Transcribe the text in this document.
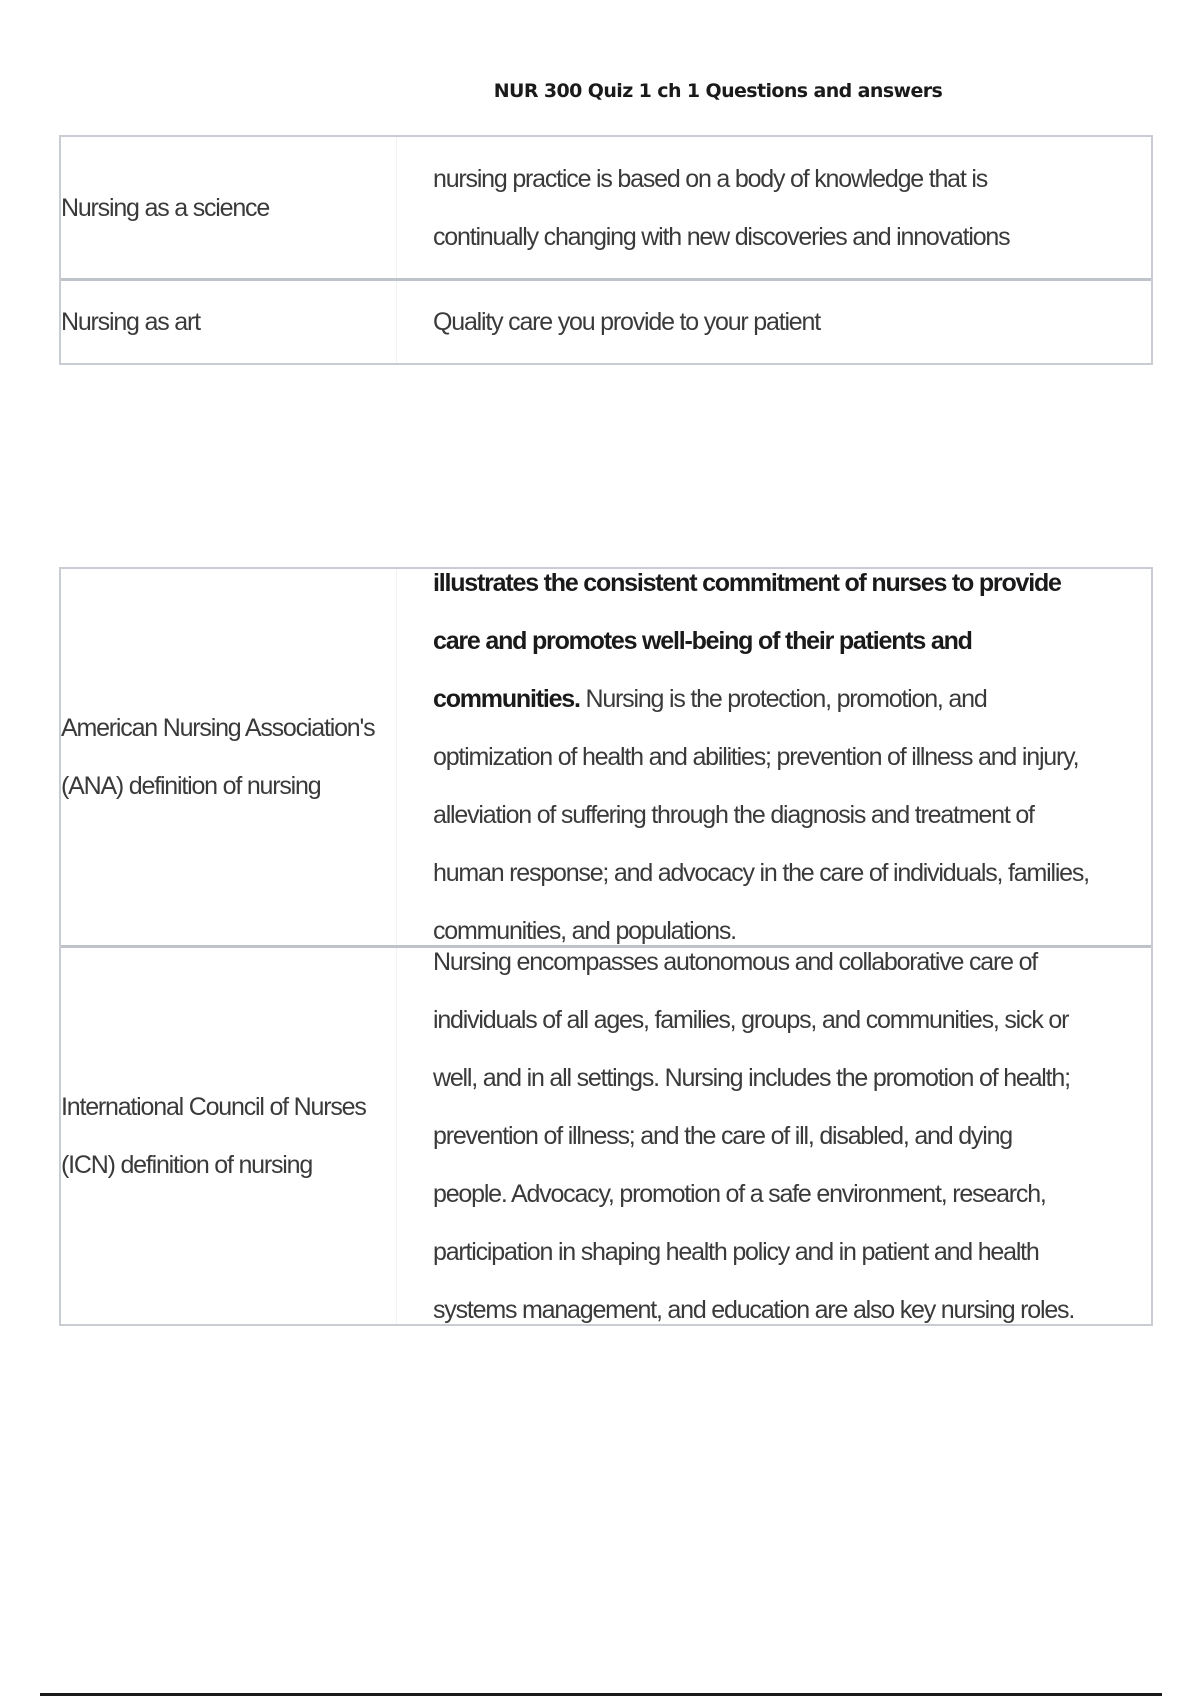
NUR 300 Quiz 1 ch 1 Questions and answers
Nursing as a science
nursing practice is based on a body of knowledge that is continually changing with new discoveries and innovations
Nursing as art	Quality care you provide to your patient
American Nursing Association's (ANA) definition of nursing
illustrates the consistent commitment of nurses to provide care and promotes well-being of their patients and communities. Nursing is the protection, promotion, and optimization of health and abilities; prevention of illness and injury, alleviation of suffering through the diagnosis and treatment of human response; and advocacy in the care of individuals, families, communities, and populations.
International Council of Nurses (ICN) definition of nursing
Nursing encompasses autonomous and collaborative care of individuals of all ages, families, groups, and communities, sick or well, and in all settings. Nursing includes the promotion of health; prevention of illness; and the care of ill, disabled, and dying people. Advocacy, promotion of a safe environment, research, participation in shaping health policy and in patient and health systems management, and education are also key nursing roles.
